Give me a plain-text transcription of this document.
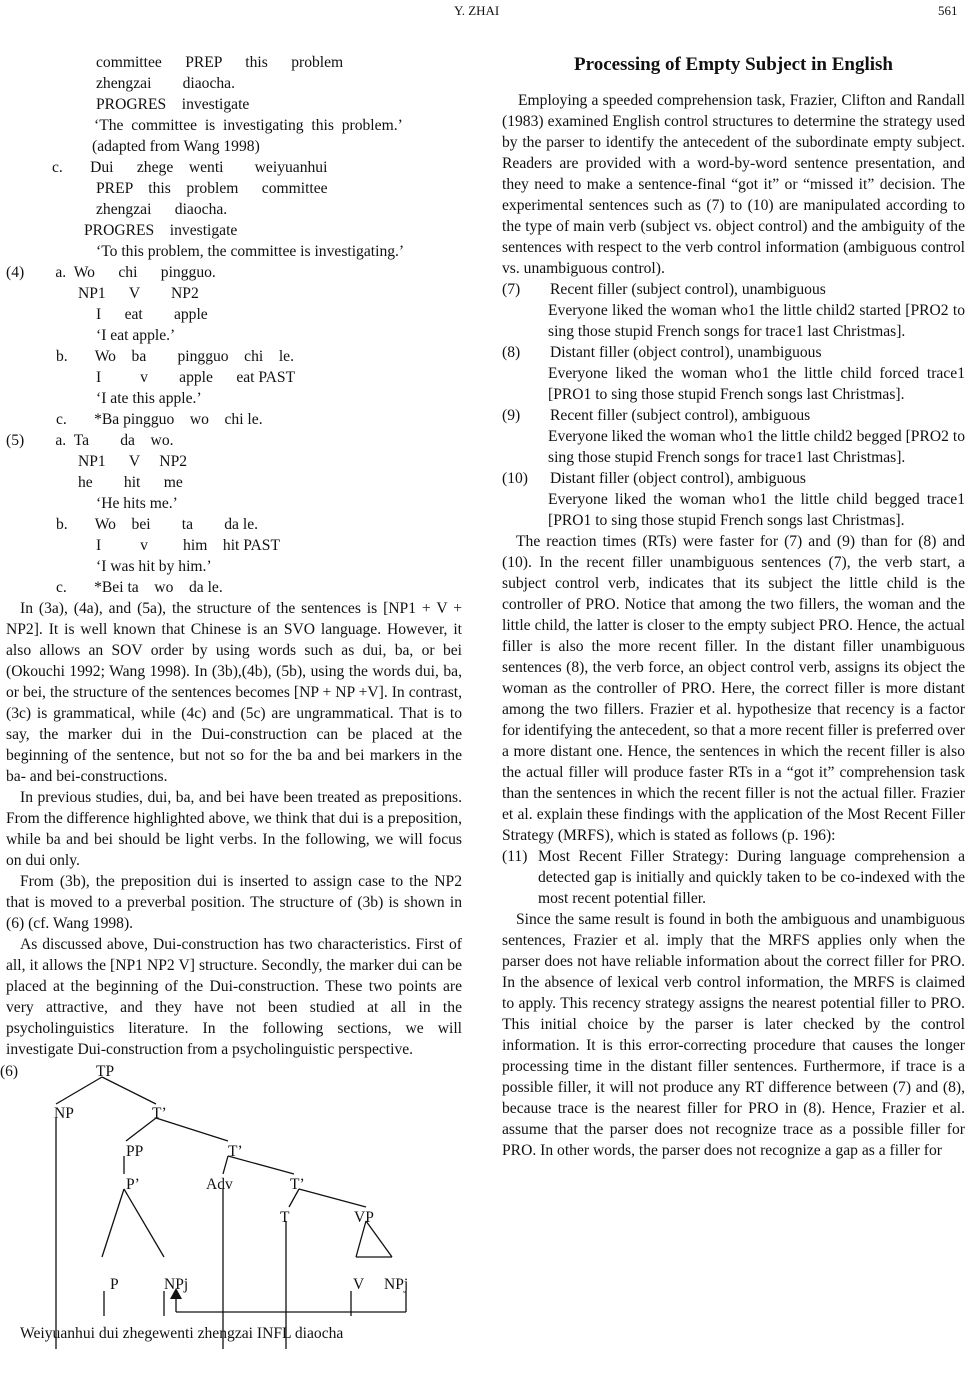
Y. ZHAI	561
committee      PREP      this      problem
zhengzai        diaocha.
PROGRES    investigate
‘The  committee  is  investigating  this  problem.’
(adapted from Wang 1998)
c.       Dui      zhege    wenti        weiyuanhui
PREP    this    problem      committee
zhengzai      diaocha.
PROGRES    investigate
‘To this problem, the committee is investigating.’
(4)        a.  Wo      chi      pingguo.
NP1      V        NP2
I      eat        apple
‘I eat apple.’
b.       Wo    ba        pingguo    chi    le.
I          v        apple      eat PAST
‘I ate this apple.’
c.       *Ba pingguo    wo    chi le.
(5)        a.  Ta        da    wo.
NP1      V     NP2
he        hit      me
‘He hits me.’
b.       Wo    bei        ta        da le.
I          v         him    hit PAST
‘I was hit by him.’
c.       *Bei ta    wo    da le.

In (3a), (4a), and (5a), the structure of the sentences is [NP1 + V + NP2]. It is well known that Chinese is an SVO language. However, it also allows an SOV order by using words such as dui, ba, or bei (Okouchi 1992; Wang 1998). In (3b),(4b), (5b), using the words dui, ba, or bei, the structure of the sentences becomes [NP + NP +V]. In contrast, (3c) is grammatical, while (4c) and (5c) are ungrammatical. That is to say, the marker dui in the Dui-construction can be placed at the beginning of the sentence, but not so for the ba and bei markers in the ba- and bei-constructions.

In previous studies, dui, ba, and bei have been treated as prepositions. From the difference highlighted above, we think that dui is a preposition, while ba and bei should be light verbs. In the following, we will focus on dui only.

From (3b), the preposition dui is inserted to assign case to the NP2 that is moved to a preverbal position. The structure of (3b) is shown in (6) (cf. Wang 1998).

As discussed above, Dui-construction has two characteristics. First of all, it allows the [NP1 NP2 V] structure. Secondly, the marker dui can be placed at the beginning of the Dui-construction. These two points are very attractive, and they have not been studied at all in the psycholinguistics literature. In the following sections, we will investigate Dui-construction from a psycholinguistic perspective.

(6)	TP
NP	T’
PP	T’
P’	Adv	T’
T	VP
P	NPj	V NPj
Weiyuanhui dui zhegewenti zhengzai INFL diaocha
Processing of Empty Subject in English

Employing a speeded comprehension task, Frazier, Clifton and Randall (1983) examined English control structures to determine the strategy used by the parser to identify the antecedent of the subordinate empty subject. Readers are provided with a word-by-word sentence presentation, and they need to make a sentence-final “got it” or “missed it” decision. The experimental sentences such as (7) to (10) are manipulated according to the type of main verb (subject vs. object control) and the ambiguity of the sentences with respect to the verb control information (ambiguous control vs. unambiguous control).

(7)	Recent filler (subject control), unambiguous
Everyone liked the woman who1 the little child2 started [PRO2 to sing those stupid French songs for trace1 last Christmas].
(8)	Distant filler (object control), unambiguous
Everyone liked the woman who1 the little child forced trace1 [PRO1 to sing those stupid French songs last Christmas].
(9)	Recent filler (subject control), ambiguous
Everyone liked the woman who1 the little child2 begged [PRO2 to sing those stupid French songs for trace1 last Christmas].
(10)	Distant filler (object control), ambiguous
Everyone liked the woman who1 the little child begged trace1 [PRO1 to sing those stupid French songs last Christmas].

The reaction times (RTs) were faster for (7) and (9) than for (8) and (10). In the recent filler unambiguous sentences (7), the verb start, a subject control verb, indicates that its subject the little child is the controller of PRO. Notice that among the two fillers, the woman and the little child, the latter is closer to the empty subject PRO. Hence, the actual filler is also the more recent filler. In the distant filler unambiguous sentences (8), the verb force, an object control verb, assigns its object the woman as the controller of PRO. Here, the correct filler is more distant among the two fillers. Frazier et al. hypothesize that recency is a factor for identifying the antecedent, so that a more recent filler is preferred over a more distant one. Hence, the sentences in which the recent filler is also the actual filler will produce faster RTs in a “got it” comprehension task than the sentences in which the recent filler is not the actual filler. Frazier et al. explain these findings with the application of the Most Recent Filler Strategy (MRFS), which is stated as follows (p. 196):

(11) Most Recent Filler Strategy: During language comprehension a detected gap is initially and quickly taken to be co-indexed with the most recent potential filler.

Since the same result is found in both the ambiguous and unambiguous sentences, Frazier et al. imply that the MRFS applies only when the parser does not have reliable information about the correct filler for PRO. In the absence of lexical verb control information, the MRFS is claimed to apply. This recency strategy assigns the nearest potential filler to PRO. This initial choice by the parser is later checked by the control information. It is this error-correcting procedure that causes the longer processing time in the distant filler sentences. Furthermore, if trace is a possible filler, it will not produce any RT difference between (7) and (8), because trace is the nearest filler for PRO in (8). Hence, Frazier et al. assume that the parser does not recognize trace as a possible filler for PRO. In other words, the parser does not recognize a gap as a filler for
